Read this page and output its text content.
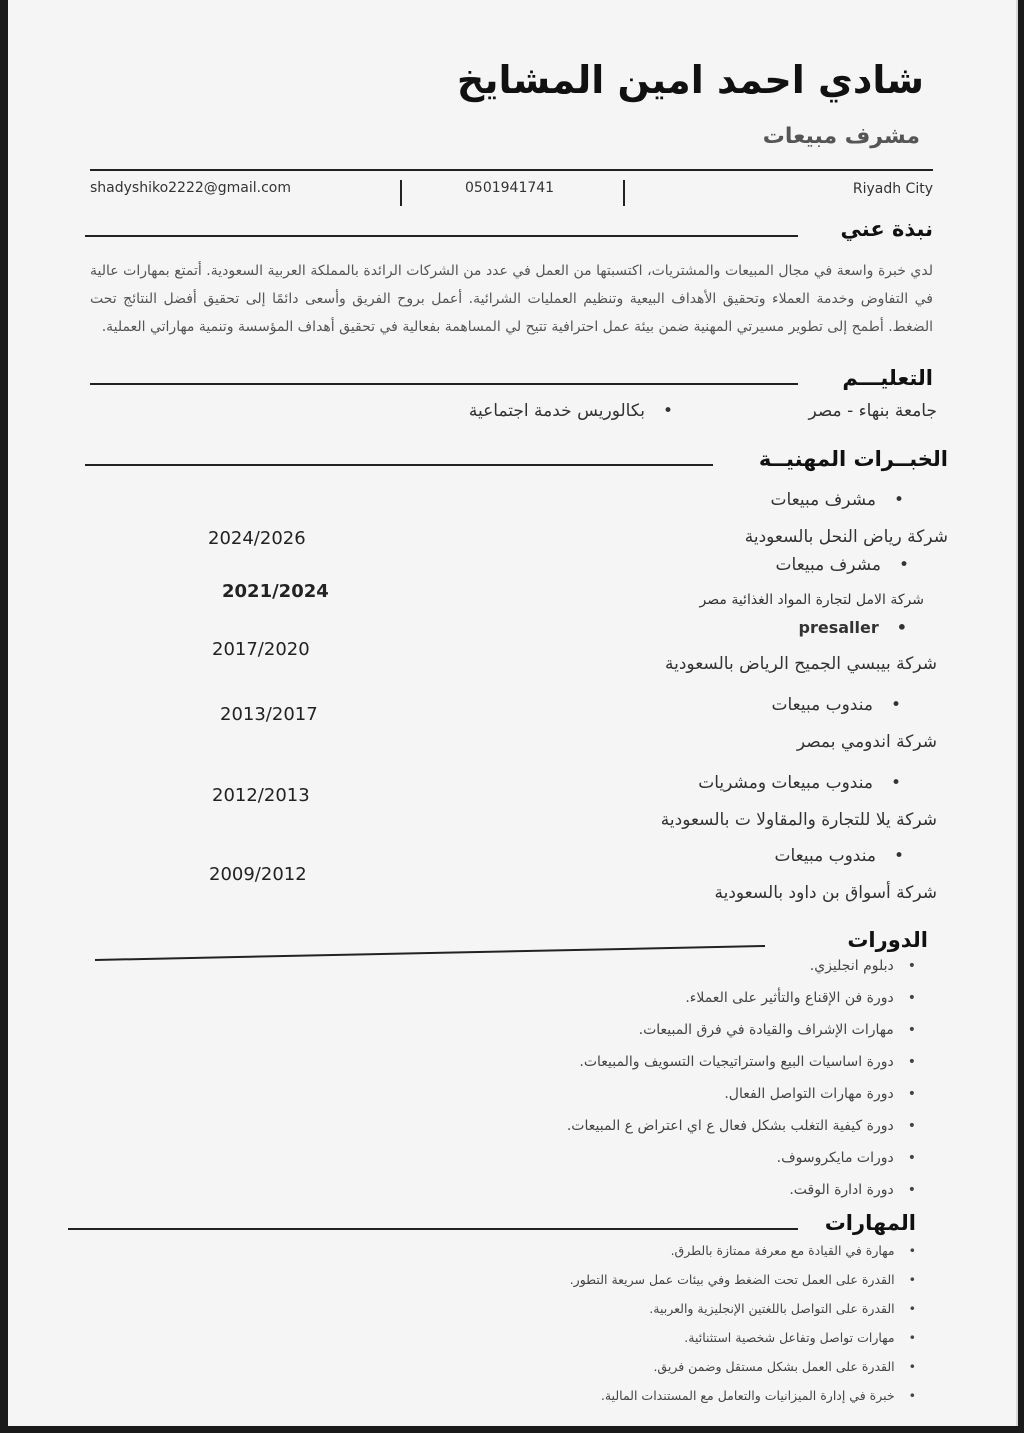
شادي احمد امين المشايخ
مشرف مبيعات
shadyshiko2222@gmail.com	0501941741	Riyadh City
نبذة عني
لدي خبرة واسعة في مجال المبيعات والمشتريات، اكتسبتها من العمل في عدد من الشركات الرائدة بالمملكة العربية السعودية. أتمتع بمهارات عالية في التفاوض وخدمة العملاء وتحقيق الأهداف البيعية وتنظيم العمليات الشرائية. أعمل بروح الفريق وأسعى دائمًا إلى تحقيق أفضل النتائج تحت الضغط. أطمح إلى تطوير مسيرتي المهنية ضمن بيئة عمل احترافية تتيح لي المساهمة بفعالية في تحقيق أهداف المؤسسة وتنمية مهاراتي العملية.
التعليـــم
جامعة بنهاء - مصر
• بكالوريس خدمة اجتماعية
الخبــرات المهنيــة
• مشرف مبيعات
شركة رياض النحل بالسعودية
2024/2026
• مشرف مبيعات
شركة الامل لتجارة المواد الغذائية مصر
2021/2024
• presaller
شركة بيبسي الجميح الرياض بالسعودية
2017/2020
• مندوب مبيعات
شركة اندومي بمصر
2013/2017
• مندوب مبيعات ومشريات
شركة يلا للتجارة والمقاولا ت بالسعودية
2012/2013
• مندوب مبيعات
شركة أسواق بن داود بالسعودية
2009/2012
الدورات
• دبلوم انجليزي.
• دورة فن الإقناع والتأثير على العملاء.
• مهارات الإشراف والقيادة في فرق المبيعات.
• دورة اساسيات البيع واستراتيجيات التسويف والمبيعات.
• دورة مهارات التواصل الفعال.
• دورة كيفية التغلب بشكل فعال ع اي اعتراض ع المبيعات.
• دورات مايكروسوف.
• دورة ادارة الوقت.
المهارات
• مهارة في القيادة مع معرفة ممتازة بالطرق.
• القدرة على العمل تحت الضغط وفي بيئات عمل سريعة التطور.
• القدرة على التواصل باللغتين الإنجليزية والعربية.
• مهارات تواصل وتفاعل شخصية استثنائية.
• القدرة على العمل بشكل مستقل وضمن فريق.
• خبرة في إدارة الميزانيات والتعامل مع المستندات المالية.
